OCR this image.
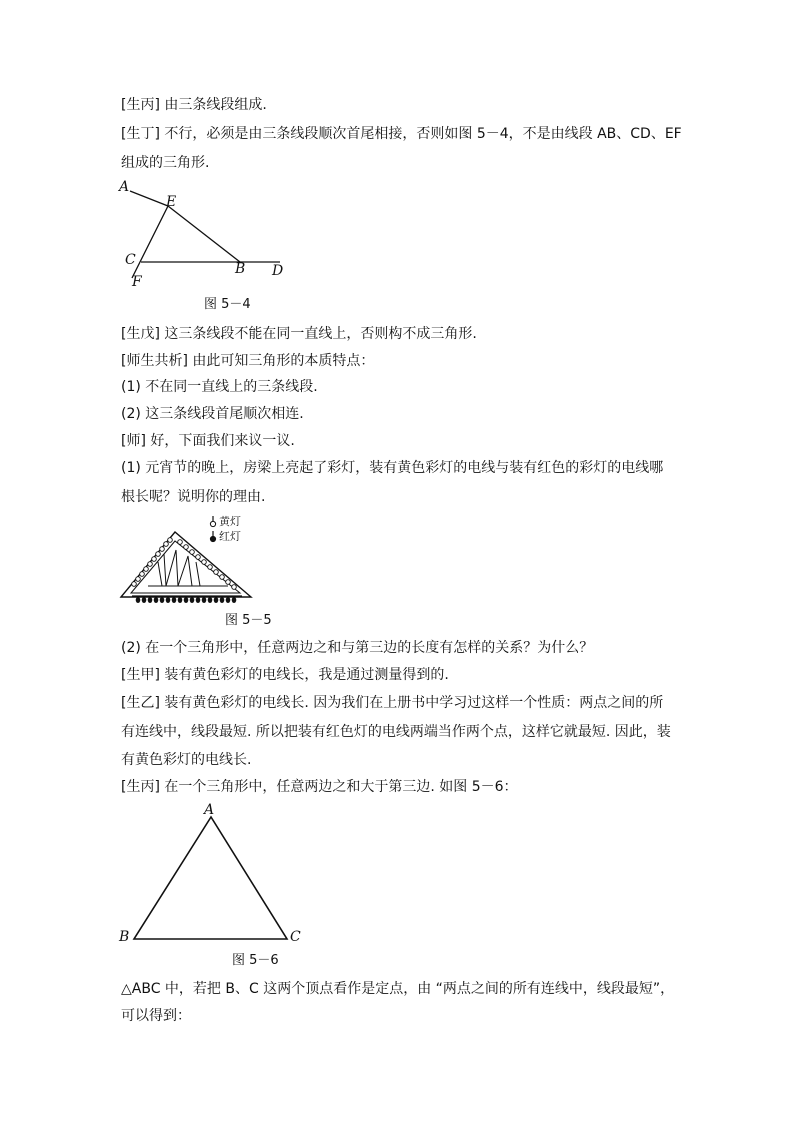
[生丙] 由三条线段组成.
[生丁] 不行，必须是由三条线段顺次首尾相接，否则如图 5－4，不是由线段 AB、CD、EF
组成的三角形.
A
E
C
F
B D
图 5－4
[生戊] 这三条线段不能在同一直线上，否则构不成三角形.
[师生共析] 由此可知三角形的本质特点：
(1) 不在同一直线上的三条线段.
(2) 这三条线段首尾顺次相连.
[师] 好，下面我们来议一议.
(1) 元宵节的晚上，房梁上亮起了彩灯，装有黄色彩灯的电线与装有红色的彩灯的电线哪
根长呢？说明你的理由.
黄灯
红灯
图 5－5
(2) 在一个三角形中，任意两边之和与第三边的长度有怎样的关系？为什么？
[生甲] 装有黄色彩灯的电线长，我是通过测量得到的.
[生乙] 装有黄色彩灯的电线长. 因为我们在上册书中学习过这样一个性质：两点之间的所
有连线中，线段最短. 所以把装有红色灯的电线两端当作两个点，这样它就最短. 因此，装
有黄色彩灯的电线长.
[生丙] 在一个三角形中，任意两边之和大于第三边. 如图 5－6：
A
B	C
图 5－6
△ABC 中，若把 B、C 这两个顶点看作是定点，由 “两点之间的所有连线中，线段最短”，
可以得到：
